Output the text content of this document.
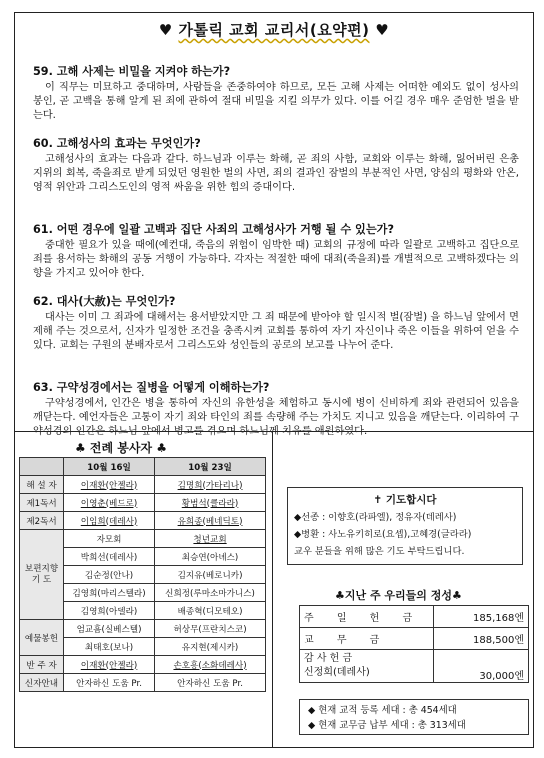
♥ 가톨릭 교회 교리서(요약편) ♥
59. 고해 사제는 비밀을 지켜야 하는가?
이 직무는 미묘하고 중대하며, 사람들을 존중하여야 하므로, 모든 고해 사제는 어떠한 예외도 없이 성사의 봉인, 곧 고백을 통해 알게 된 죄에 관하여 절대 비밀을 지킬 의무가 있다. 이를 어길 경우 매우 준엄한 벌을 받는다.
60. 고해성사의 효과는 무엇인가?
고해성사의 효과는 다음과 같다. 하느님과 이루는 화해, 곧 죄의 사함, 교회와 이루는 화해, 잃어버린 은총 지위의 회복, 죽을죄로 받게 되었던 영원한 벌의 사면, 죄의 결과인 잠벌의 부분적인 사면, 양심의 평화와 안온, 영적 위안과 그리스도인의 영적 싸움을 위한 힘의 증대이다.
61. 어떤 경우에 일괄 고백과 집단 사죄의 고해성사가 거행 될 수 있는가?
중대한 필요가 있을 때에(예컨대, 죽음의 위험이 임박한 때) 교회의 규정에 따라 일괄로 고백하고 집단으로 죄를 용서하는 화해의 공동 거행이 가능하다. 각자는 적절한 때에 대죄(죽을죄)를 개별적으로 고백하겠다는 의향을 가지고 있어야 한다.
62. 대사(大赦)는 무엇인가?
대사는 이미 그 죄과에 대해서는 용서받았지만 그 죄 때문에 받아야 할 일시적 벌(잠벌) 을 하느님 앞에서 면제해 주는 것으로서, 신자가 일정한 조건을 충족시켜 교회를 통하여 자기 자신이나 죽은 이들을 위하여 얻을 수 있다. 교회는 구원의 분배자로서 그리스도와 성인들의 공로의 보고를 나누어 준다.
63. 구약성경에서는 질병을 어떻게 이해하는가?
구약성경에서, 인간은 병을 통하여 자신의 유한성을 체험하고 동시에 병이 신비하게 죄와 관련되어 있음을 깨닫는다. 예언자들은 고통이 자기 죄와 타인의 죄를 속량해 주는 가치도 지니고 있음을 깨닫는다. 이리하여 구약성경의 인간은 하느님 앞에서 병고를 겪으며 하느님께 치유를 애원하였다.
♣ 전례 봉사자 ♣
	10월 16일	10월 23일
해 설 자	이재환(안젤라)	김명희(가타리나)
제1독서	이영춘(베드로)	황범석(클라라)
제2독서	이임희(데레사)	유희종(베네딕토)
보편지향
기 도	자모회	청년교회
	박희선(데레사)	최승연(아녜스)
	김순정(안나)	김지유(베로니카)
	김영희(마리스텔라)	신희정(루마소마가니스)
	김영희(아델라)	배종혁(디모테오)
예물봉헌	엄교흠(실베스텔)	허상무(프란치스코)
	최태호(보나)	유지현(제시카)
반 주 자	이재환(안젤라)	손호흥(소화데레사)
신자안내	안자하신 도움 Pr.	안자하신 도움 Pr.
✝ 기도합시다
◆선종 : 이향호(라파엘), 정유자(데레사)
◆병환 : 사노유키히로(요셉),고혜경(글라라)
교우 분들을 위해 많은 기도 부탁드립니다.
♣지난 주 우리들의 정성♣
주 일 헌 금	185,168엔
교 무 금	188,500엔

감 사 헌 금
신정희(데레사)	30,000엔
◆ 현재 교적 등록 세대 : 총 454세대
◆ 현재 교무금 납부 세대 : 총 313세대
